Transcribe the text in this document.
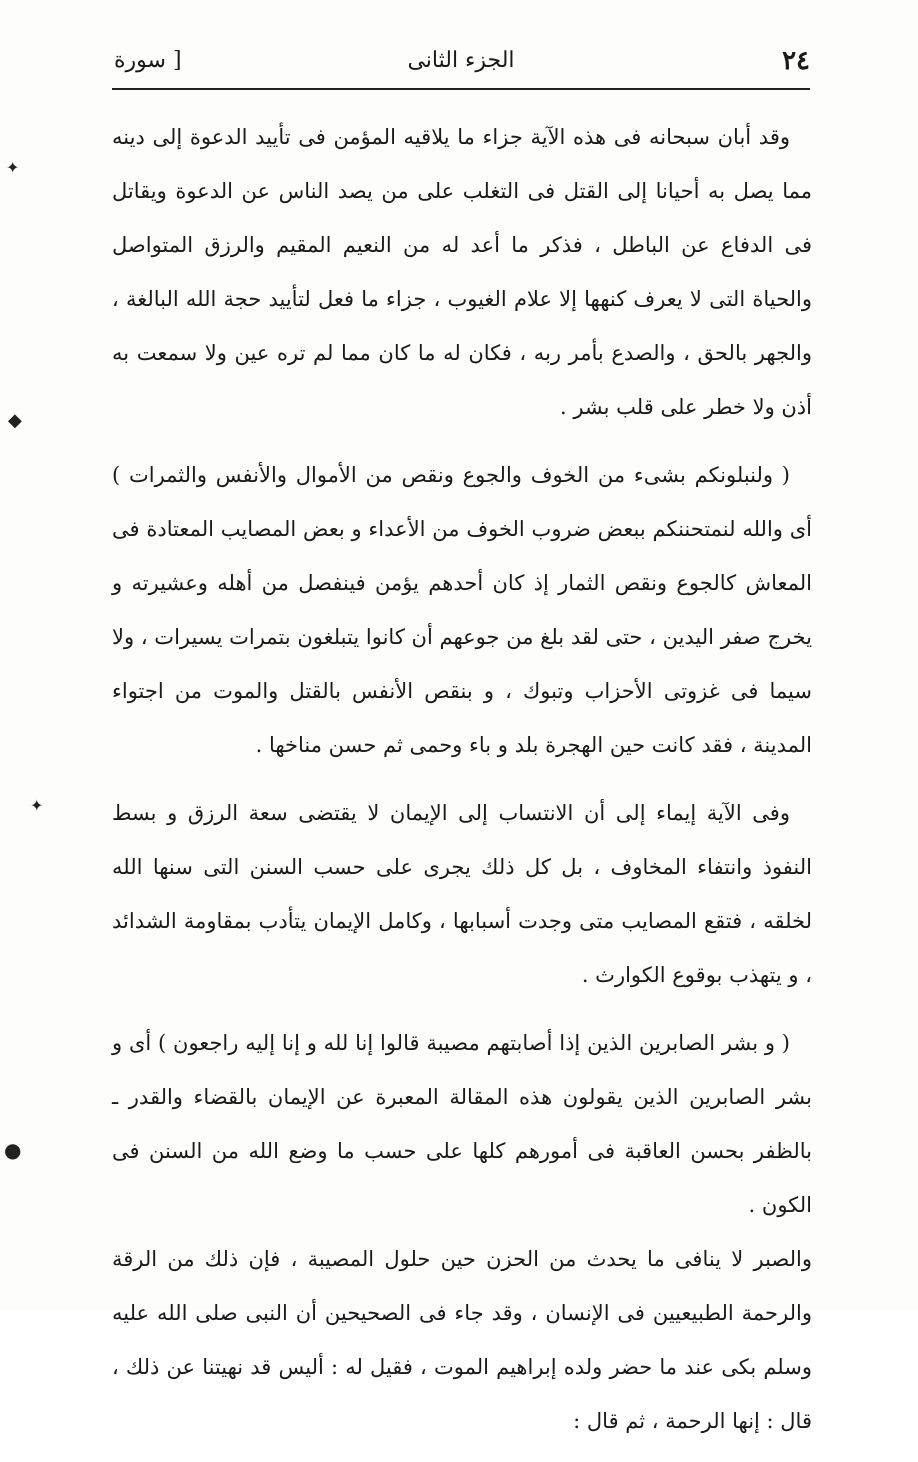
٢٤
الجزء الثانى
[ سورة

وقد أبان سبحانه فى هذه الآية جزاء ما يلاقيه المؤمن فى تأييد الدعوة إلى دينه مما يصل به أحيانا إلى القتل فى التغلب على من يصد الناس عن الدعوة ويقاتل فى الدفاع عن الباطل ، فذكر ما أعد له من النعيم المقيم والرزق المتواصل والحياة التى لا يعرف كنهها إلا علام الغيوب ، جزاء ما فعل لتأييد حجة الله البالغة ، والجهر بالحق ، والصدع بأمر ربه ، فكان له ما كان مما لم تره عين ولا سمعت به أذن ولا خطر على قلب بشر .

( ولنبلونكم بشىء من الخوف والجوع ونقص من الأموال والأنفس والثمرات ) أى والله لنمتحننكم ببعض ضروب الخوف من الأعداء و بعض المصايب المعتادة فى المعاش كالجوع ونقص الثمار إذ كان أحدهم يؤمن فينفصل من أهله وعشيرته و يخرج صفر اليدين ، حتى لقد بلغ من جوعهم أن كانوا يتبلغون بتمرات يسيرات ، ولا سيما فى غزوتى الأحزاب وتبوك ، و بنقص الأنفس بالقتل والموت من اجتواء المدينة ، فقد كانت حين الهجرة بلد و باء وحمى ثم حسن مناخها .

وفى الآية إيماء إلى أن الانتساب إلى الإيمان لا يقتضى سعة الرزق و بسط النفوذ وانتفاء المخاوف ، بل كل ذلك يجرى على حسب السنن التى سنها الله لخلقه ، فتقع المصايب متى وجدت أسبابها ، وكامل الإيمان يتأدب بمقاومة الشدائد ، و يتهذب بوقوع الكوارث .

( و بشر الصابرين الذين إذا أصابتهم مصيبة قالوا إنا لله و إنا إليه راجعون ) أى و بشر الصابرين الذين يقولون هذه المقالة المعبرة عن الإيمان بالقضاء والقدر ـ بالظفر بحسن العاقبة فى أمورهم كلها على حسب ما وضع الله من السنن فى الكون .

والصبر لا ينافى ما يحدث من الحزن حين حلول المصيبة ، فإن ذلك من الرقة والرحمة الطبيعيين فى الإنسان ، وقد جاء فى الصحيحين أن النبى صلى الله عليه وسلم بكى عند ما حضر ولده إبراهيم الموت ، فقيل له : أليس قد نهيتنا عن ذلك ، قال : إنها الرحمة ، ثم قال :

✦
◆
✦
●
